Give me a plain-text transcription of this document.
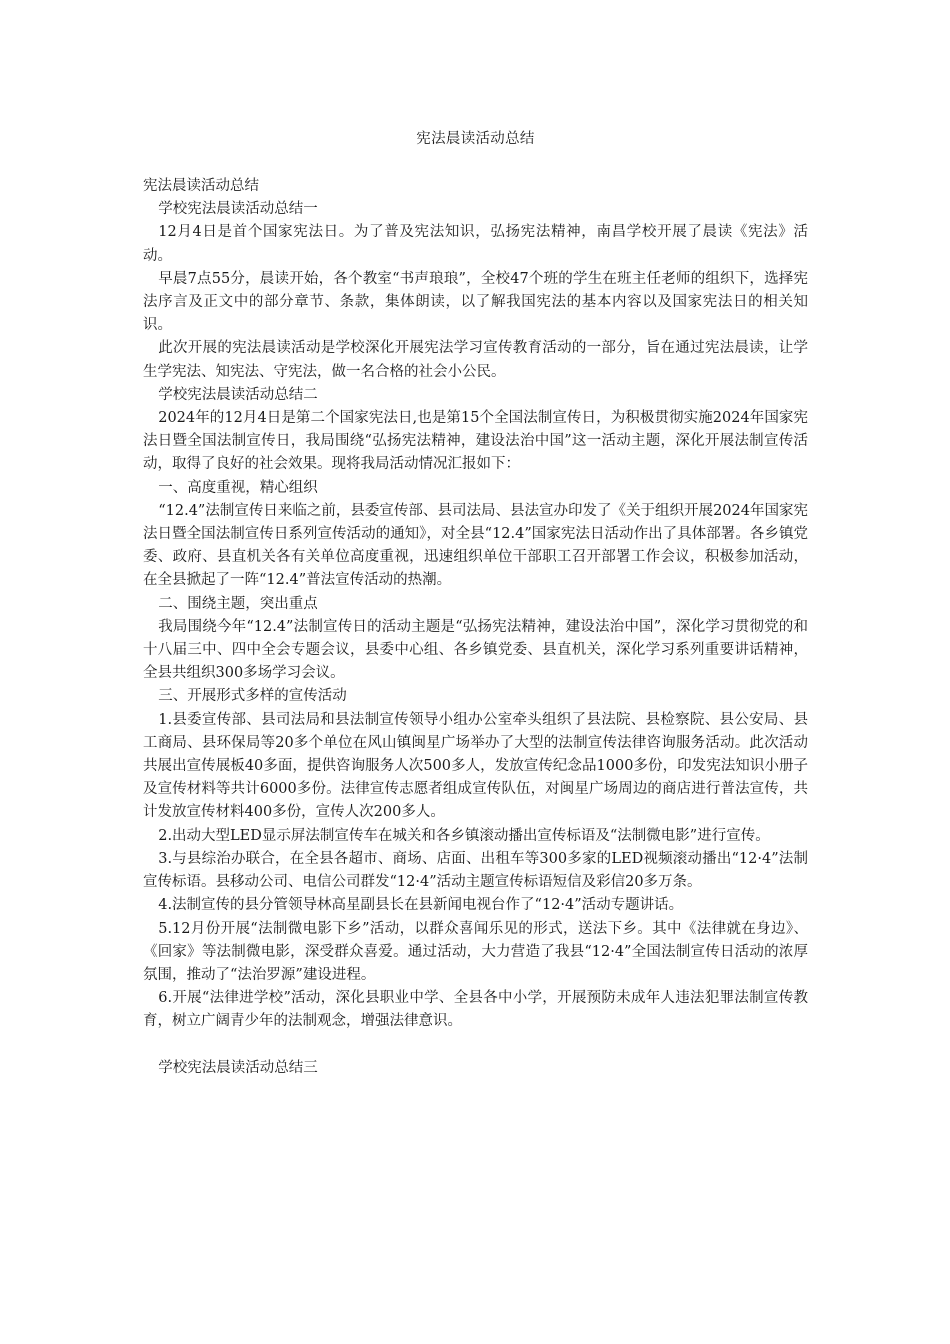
宪法晨读活动总结

宪法晨读活动总结

学校宪法晨读活动总结一

12月4日是首个国家宪法日。为了普及宪法知识，弘扬宪法精神，南昌学校开展了晨读《宪法》活动。

早晨7点55分，晨读开始，各个教室“书声琅琅”，全校47个班的学生在班主任老师的组织下，选择宪法序言及正文中的部分章节、条款，集体朗读，以了解我国宪法的基本内容以及国家宪法日的相关知识。

此次开展的宪法晨读活动是学校深化开展宪法学习宣传教育活动的一部分，旨在通过宪法晨读，让学生学宪法、知宪法、守宪法，做一名合格的社会小公民。

学校宪法晨读活动总结二

2024年的12月4日是第二个国家宪法日,也是第15个全国法制宣传日，为积极贯彻实施2024年国家宪法日暨全国法制宣传日，我局围绕“弘扬宪法精神，建设法治中国”这一活动主题，深化开展法制宣传活动，取得了良好的社会效果。现将我局活动情况汇报如下：

一、高度重视，精心组织

“12.4”法制宣传日来临之前，县委宣传部、县司法局、县法宣办印发了《关于组织开展2024年国家宪法日暨全国法制宣传日系列宣传活动的通知》，对全县“12.4”国家宪法日活动作出了具体部署。各乡镇党委、政府、县直机关各有关单位高度重视，迅速组织单位干部职工召开部署工作会议，积极参加活动，在全县掀起了一阵“12.4”普法宣传活动的热潮。

二、围绕主题，突出重点

我局围绕今年“12.4”法制宣传日的活动主题是“弘扬宪法精神，建设法治中国”，深化学习贯彻党的和十八届三中、四中全会专题会议，县委中心组、各乡镇党委、县直机关，深化学习系列重要讲话精神，全县共组织300多场学习会议。

三、开展形式多样的宣传活动

1.县委宣传部、县司法局和县法制宣传领导小组办公室牵头组织了县法院、县检察院、县公安局、县工商局、县环保局等20多个单位在风山镇闽星广场举办了大型的法制宣传法律咨询服务活动。此次活动共展出宣传展板40多面，提供咨询服务人次500多人，发放宣传纪念品1000多份，印发宪法知识小册子及宣传材料等共计6000多份。法律宣传志愿者组成宣传队伍，对闽星广场周边的商店进行普法宣传，共计发放宣传材料400多份，宣传人次200多人。

2.出动大型LED显示屏法制宣传车在城关和各乡镇滚动播出宣传标语及“法制微电影”进行宣传。

3.与县综治办联合，在全县各超市、商场、店面、出租车等300多家的LED视频滚动播出“12·4”法制宣传标语。县移动公司、电信公司群发“12·4”活动主题宣传标语短信及彩信20多万条。

4.法制宣传的县分管领导林高星副县长在县新闻电视台作了“12·4”活动专题讲话。

5.12月份开展“法制微电影下乡”活动，以群众喜闻乐见的形式，送法下乡。其中《法律就在身边》、《回家》等法制微电影，深受群众喜爱。通过活动，大力营造了我县“12·4”全国法制宣传日活动的浓厚氛围，推动了“法治罗源”建设进程。

6.开展“法律进学校”活动，深化县职业中学、全县各中小学，开展预防未成年人违法犯罪法制宣传教育，树立广阔青少年的法制观念，增强法律意识。

学校宪法晨读活动总结三
